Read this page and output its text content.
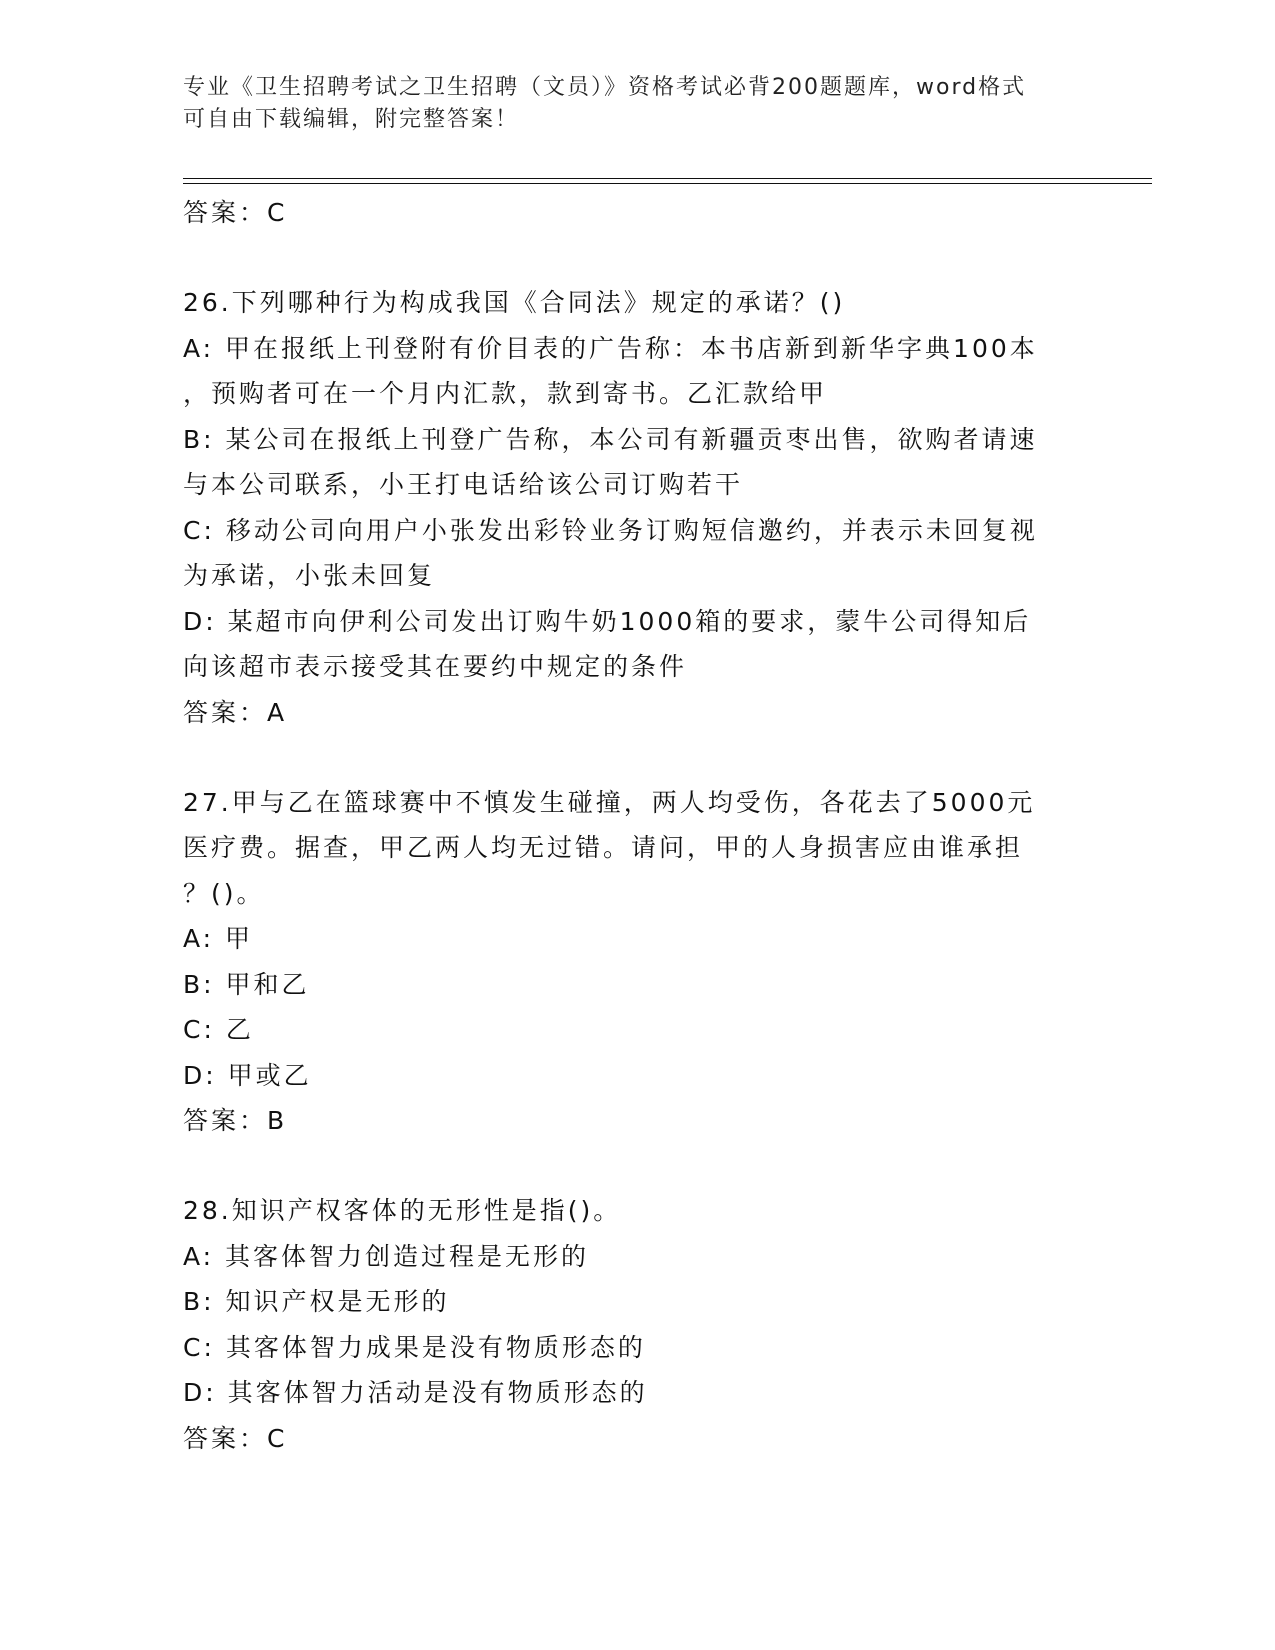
专业《卫生招聘考试之卫生招聘（文员）》资格考试必背200题题库，word格式
可自由下载编辑，附完整答案！
答案：C
26.下列哪种行为构成我国《合同法》规定的承诺？()
A: 甲在报纸上刊登附有价目表的广告称：本书店新到新华字典100本
，预购者可在一个月内汇款，款到寄书。乙汇款给甲
B: 某公司在报纸上刊登广告称，本公司有新疆贡枣出售，欲购者请速
与本公司联系，小王打电话给该公司订购若干
C: 移动公司向用户小张发出彩铃业务订购短信邀约，并表示未回复视
为承诺，小张未回复
D: 某超市向伊利公司发出订购牛奶1000箱的要求，蒙牛公司得知后
向该超市表示接受其在要约中规定的条件
答案：A
27.甲与乙在篮球赛中不慎发生碰撞，两人均受伤，各花去了5000元
医疗费。据查，甲乙两人均无过错。请问，甲的人身损害应由谁承担
？()。
A: 甲
B: 甲和乙
C: 乙
D: 甲或乙
答案：B
28.知识产权客体的无形性是指()。
A: 其客体智力创造过程是无形的
B: 知识产权是无形的
C: 其客体智力成果是没有物质形态的
D: 其客体智力活动是没有物质形态的
答案：C
